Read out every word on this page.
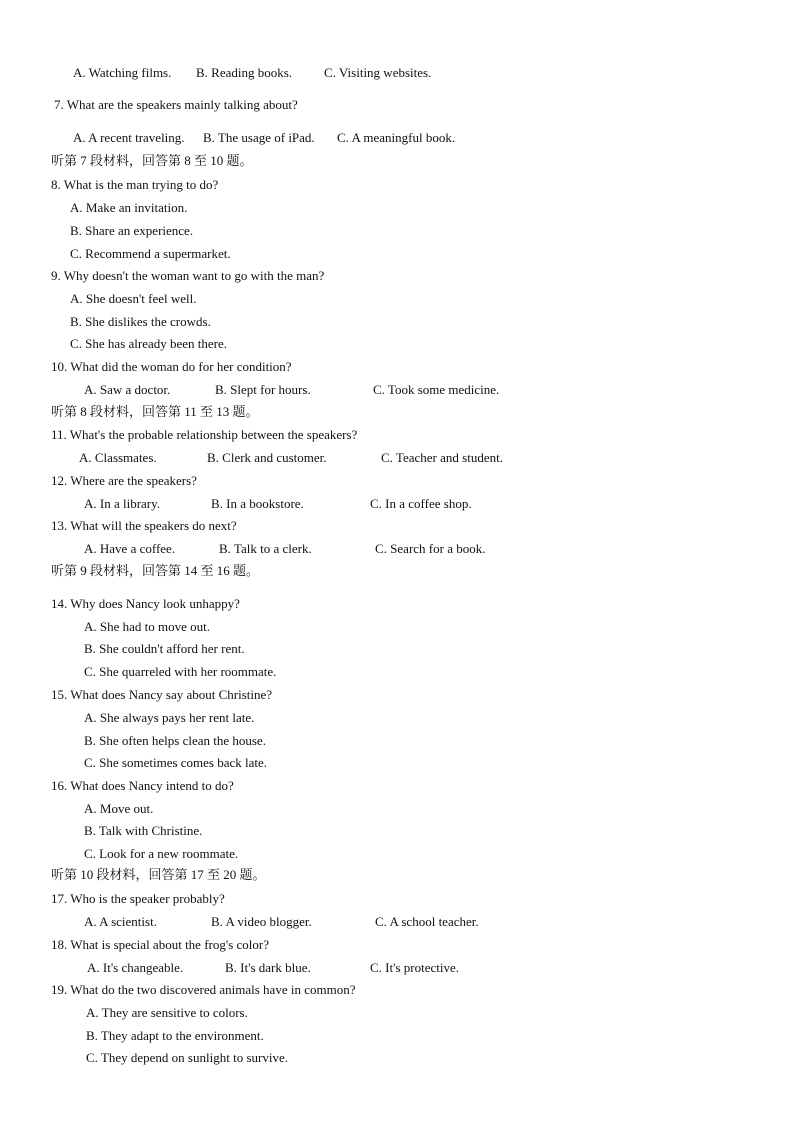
A. Watching films. B. Reading books. C. Visiting websites.
7. What are the speakers mainly talking about?
A. A recent traveling. B. The usage of iPad. C. A meaningful book.
听第 7 段材料，回答第 8 至 10 题。
8. What is the man trying to do?
A. Make an invitation.
B. Share an experience.
C. Recommend a supermarket.
9. Why doesn't the woman want to go with the man?
A. She doesn't feel well.
B. She dislikes the crowds.
C. She has already been there.
10. What did the woman do for her condition?
A. Saw a doctor.	B. Slept for hours.	C. Took some medicine.
听第 8 段材料，回答第 11 至 13 题。
11. What's the probable relationship between the speakers?
A. Classmates.	B. Clerk and customer.	C. Teacher and student.
12. Where are the speakers?
A. In a library.	B. In a bookstore.	C. In a coffee shop.
13. What will the speakers do next?
A. Have a coffee.	B. Talk to a clerk.	C. Search for a book.
听第 9 段材料，回答第 14 至 16 题。
14. Why does Nancy look unhappy?
A. She had to move out.
B. She couldn't afford her rent.
C. She quarreled with her roommate.
15. What does Nancy say about Christine?
A. She always pays her rent late.
B. She often helps clean the house.
C. She sometimes comes back late.
16. What does Nancy intend to do?
A. Move out.
B. Talk with Christine.
C. Look for a new roommate.
听第 10 段材料，回答第 17 至 20 题。
17. Who is the speaker probably?
A. A scientist.	B. A video blogger.	C. A school teacher.
18. What is special about the frog's color?
A. It's changeable.	B. It's dark blue.	C. It's protective.
19. What do the two discovered animals have in common?
A. They are sensitive to colors.
B. They adapt to the environment.
C. They depend on sunlight to survive.
